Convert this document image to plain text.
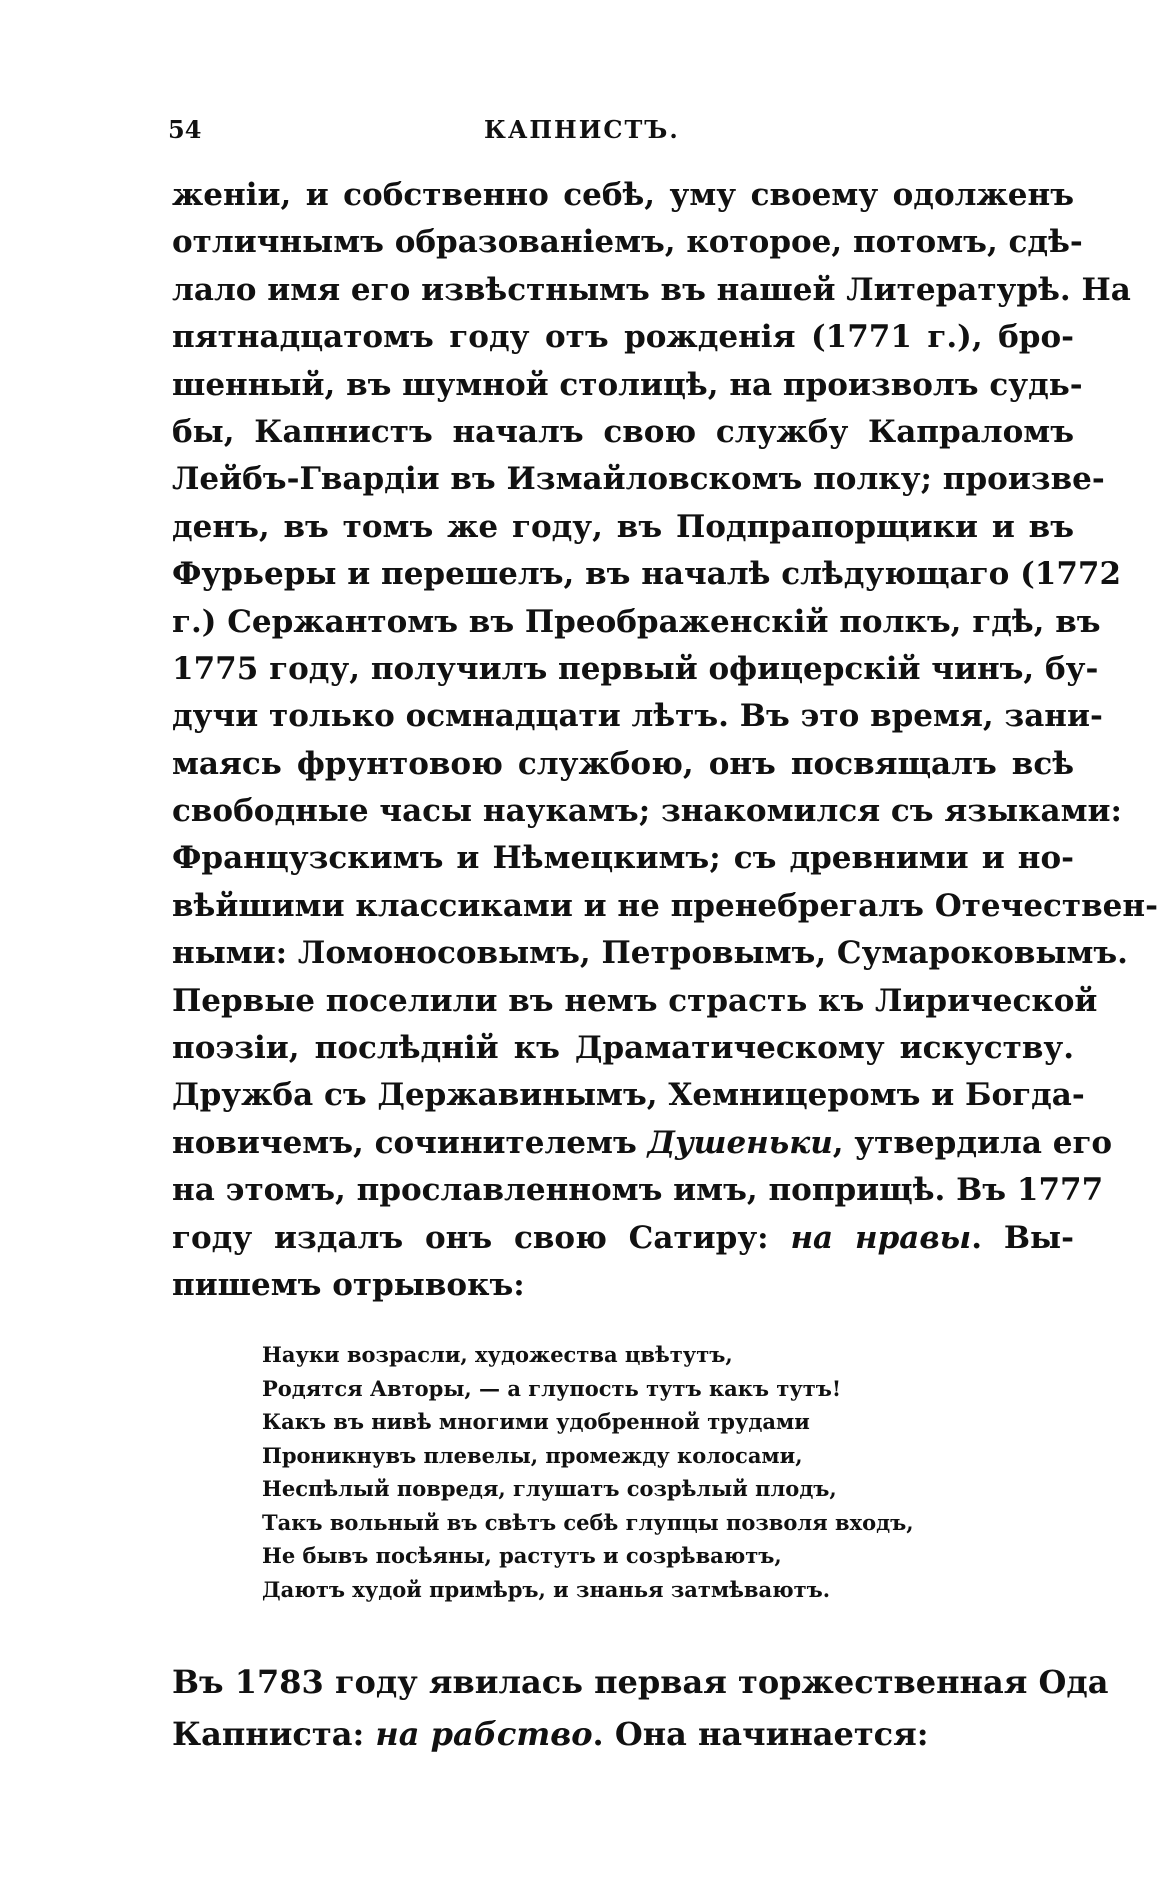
54	КАПНИСТЪ.
женіи, и собственно себѣ, уму своему одолженъ
отличнымъ образованіемъ, которое, потомъ, сдѣ-
лало имя его извѣстнымъ въ нашей Литературѣ. На
пятнадцатомъ году отъ рожденія (1771 г.), бро-
шенный, въ шумной столицѣ, на произволъ судь-
бы, Капнистъ началъ свою службу Капраломъ
Лейбъ-Гвардіи въ Измайловскомъ полку; произве-
денъ, въ томъ же году, въ Подпрапорщики и въ
Фурьеры и перешелъ, въ началѣ слѣдующаго (1772
г.) Сержантомъ въ Преображенскій полкъ, гдѣ, въ
1775 году, получилъ первый офицерскій чинъ, бу-
дучи только осмнадцати лѣтъ. Въ это время, зани-
маясь фрунтовою службою, онъ посвящалъ всѣ
свободные часы наукамъ; знакомился съ языками:
Французскимъ и Нѣмецкимъ; съ древними и но-
вѣйшими классиками и не пренебрегалъ Отечествен-
ными: Ломоносовымъ, Петровымъ, Сумароковымъ.
Первые поселили въ немъ страсть къ Лирической
поэзіи, послѣдній къ Драматическому искуству.
Дружба съ Державинымъ, Хемницеромъ и Богда-
новичемъ, сочинителемъ Душеньки, утвердила его
на этомъ, прославленномъ имъ, поприщѣ. Въ 1777
году издалъ онъ свою Сатиру: на нравы. Вы-
пишемъ отрывокъ:
Науки возрасли, художества цвѣтутъ,
Родятся Авторы, — а глупость тутъ какъ тутъ!
Какъ въ нивѣ многими удобренной трудами
Проникнувъ плевелы, промежду колосами,
Неспѣлый поврeдя, глушатъ созрѣлый плодъ,
Такъ вольный въ свѣтъ себѣ глупцы позволя входъ,
Не бывъ посѣяны, растутъ и созрѣваютъ,
Даютъ худой примѣръ, и знанья затмѣваютъ.
Въ 1783 году явилась первая торжественная Ода
Капниста: на рабство. Она начинается:
